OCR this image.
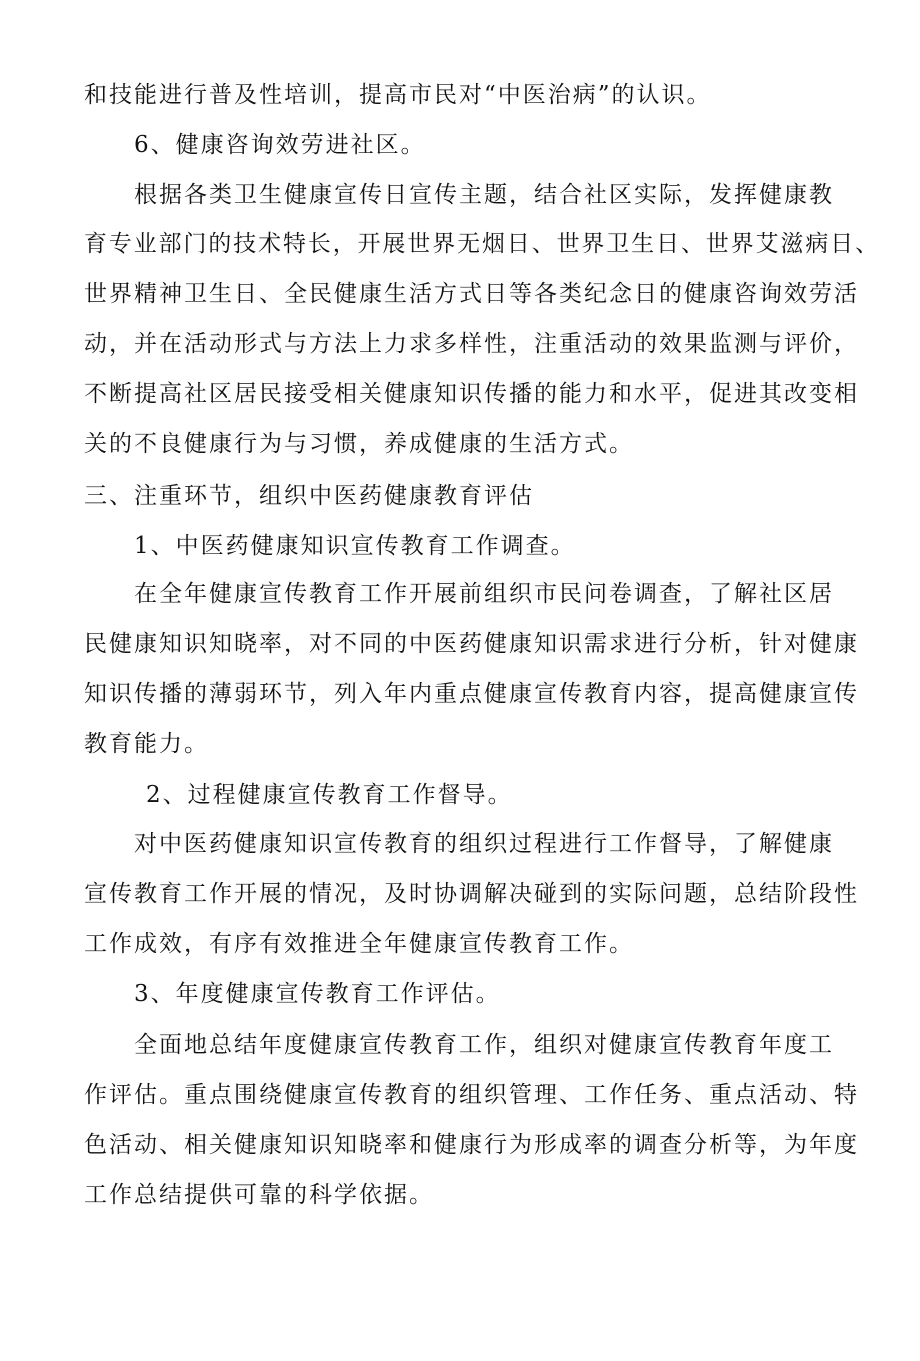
和技能进行普及性培训，提高市民对“中医治病”的认识。
6、健康咨询效劳进社区。
根据各类卫生健康宣传日宣传主题，结合社区实际，发挥健康教
育专业部门的技术特长，开展世界无烟日、世界卫生日、世界艾滋病日、
世界精神卫生日、全民健康生活方式日等各类纪念日的健康咨询效劳活
动，并在活动形式与方法上力求多样性，注重活动的效果监测与评价，
不断提高社区居民接受相关健康知识传播的能力和水平，促进其改变相
关的不良健康行为与习惯，养成健康的生活方式。
三、注重环节，组织中医药健康教育评估
1、中医药健康知识宣传教育工作调查。
在全年健康宣传教育工作开展前组织市民问卷调查，了解社区居
民健康知识知晓率，对不同的中医药健康知识需求进行分析，针对健康
知识传播的薄弱环节，列入年内重点健康宣传教育内容，提高健康宣传
教育能力。
2、过程健康宣传教育工作督导。
对中医药健康知识宣传教育的组织过程进行工作督导，了解健康
宣传教育工作开展的情况，及时协调解决碰到的实际问题，总结阶段性
工作成效，有序有效推进全年健康宣传教育工作。
3、年度健康宣传教育工作评估。
全面地总结年度健康宣传教育工作，组织对健康宣传教育年度工
作评估。重点围绕健康宣传教育的组织管理、工作任务、重点活动、特
色活动、相关健康知识知晓率和健康行为形成率的调查分析等，为年度
工作总结提供可靠的科学依据。
